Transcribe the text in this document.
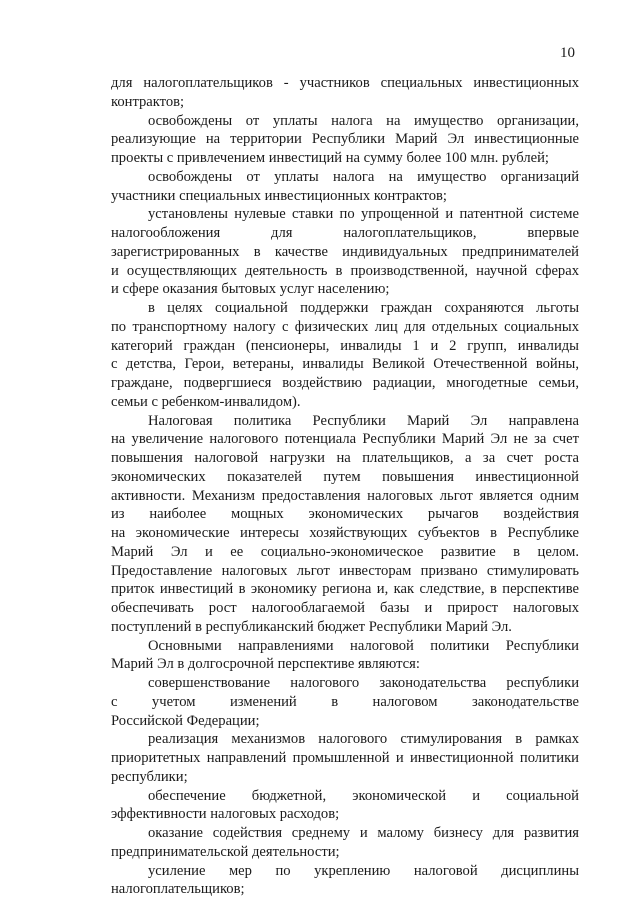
10
для налогоплательщиков - участников специальных инвестиционных
контрактов;
освобождены от уплаты налога на имущество организации,
реализующие на территории Республики Марий Эл инвестиционные
проекты с привлечением инвестиций на сумму более 100 млн. рублей;
освобождены от уплаты налога на имущество организаций
участники специальных инвестиционных контрактов;
установлены нулевые ставки по упрощенной и патентной системе
налогообложения для налогоплательщиков, впервые
зарегистрированных в качестве индивидуальных предпринимателей
и осуществляющих деятельность в производственной, научной сферах
и сфере оказания бытовых услуг населению;
в целях социальной поддержки граждан сохраняются льготы
по транспортному налогу с физических лиц для отдельных социальных
категорий граждан (пенсионеры, инвалиды 1 и 2 групп, инвалиды
с детства, Герои, ветераны, инвалиды Великой Отечественной войны,
граждане, подвергшиеся воздействию радиации, многодетные семьи,
семьи с ребенком-инвалидом).
Налоговая политика Республики Марий Эл направлена
на увеличение налогового потенциала Республики Марий Эл не за счет
повышения налоговой нагрузки на плательщиков, а за счет роста
экономических показателей путем повышения инвестиционной
активности. Механизм предоставления налоговых льгот является одним
из наиболее мощных экономических рычагов воздействия
на экономические интересы хозяйствующих субъектов в Республике
Марий Эл и ее социально-экономическое развитие в целом.
Предоставление налоговых льгот инвесторам призвано стимулировать
приток инвестиций в экономику региона и, как следствие, в перспективе
обеспечивать рост налогооблагаемой базы и прирост налоговых
поступлений в республиканский бюджет Республики Марий Эл.
Основными направлениями налоговой политики Республики
Марий Эл в долгосрочной перспективе являются:
совершенствование налогового законодательства республики
с учетом изменений в налоговом законодательстве
Российской Федерации;
реализация механизмов налогового стимулирования в рамках
приоритетных направлений промышленной и инвестиционной политики
республики;
обеспечение бюджетной, экономической и социальной
эффективности налоговых расходов;
оказание содействия среднему и малому бизнесу для развития
предпринимательской деятельности;
усиление мер по укреплению налоговой дисциплины
налогоплательщиков;
